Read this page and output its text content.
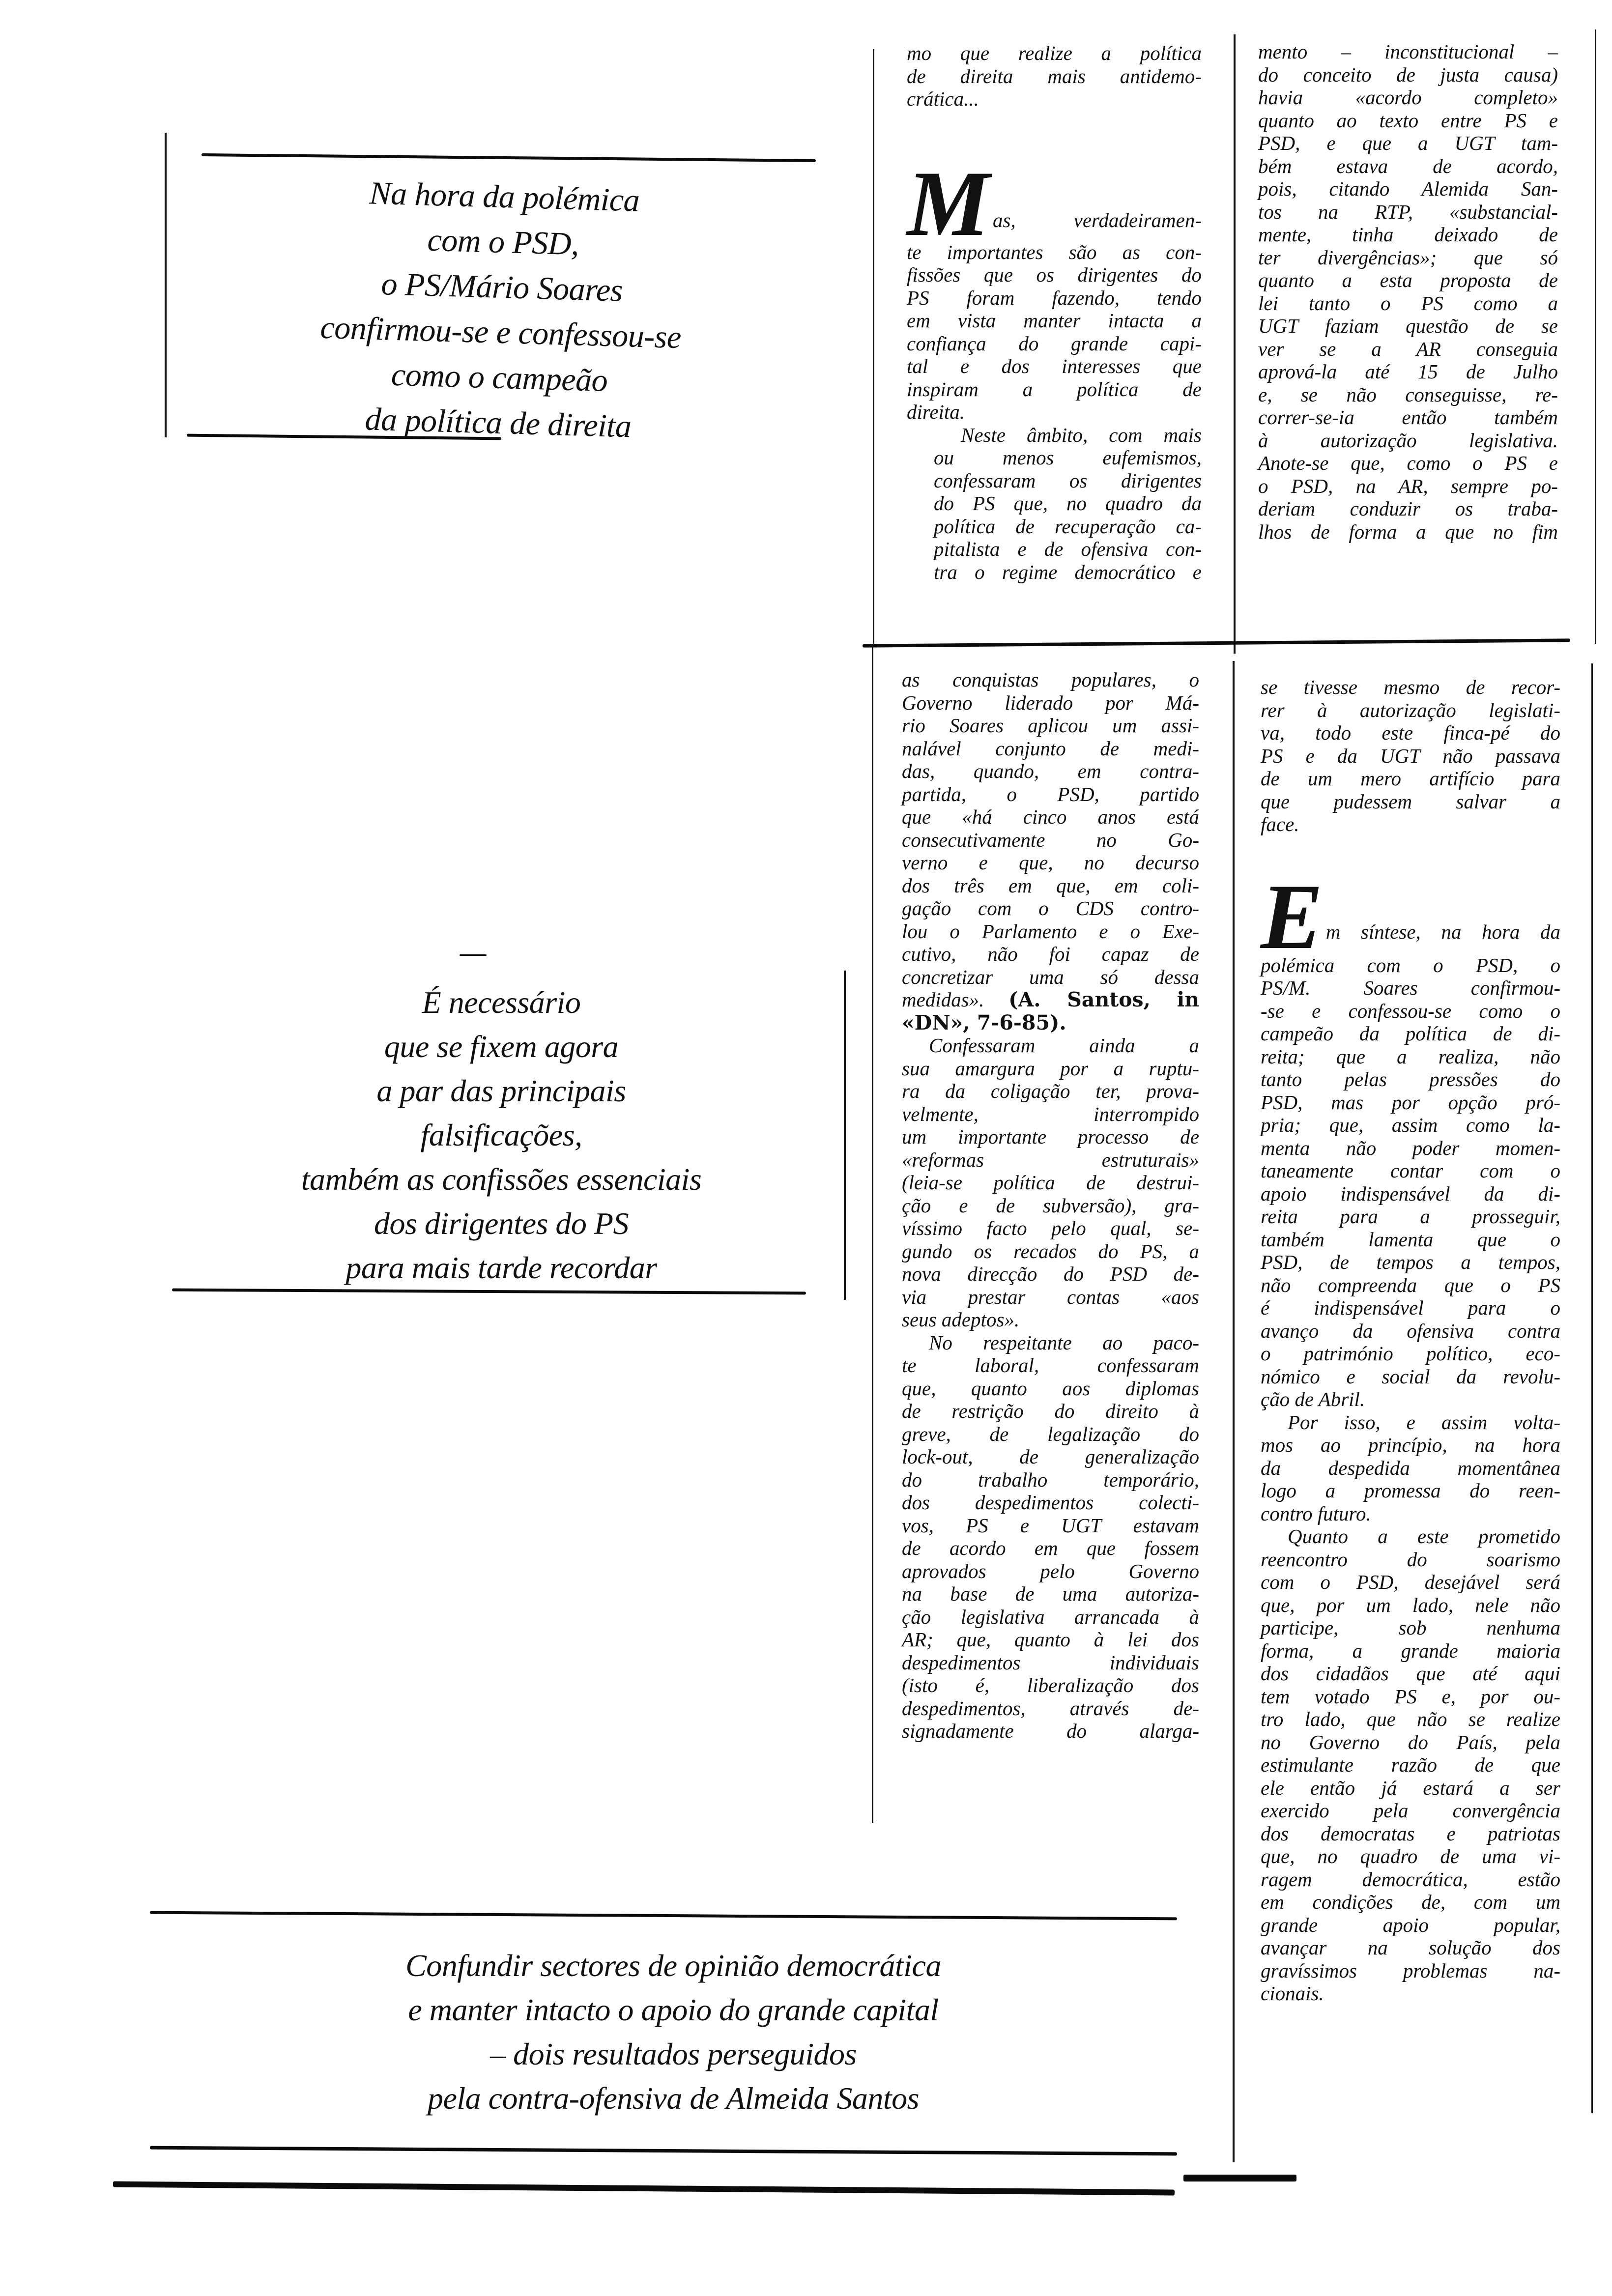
Na hora da polémica
com o PSD,
o PS/Mário Soares
confirmou-se e confessou-se
como o campeão
da política de direita
É necessário
que se fixem agora
a par das principais
falsificações,
também as confissões essenciais
dos dirigentes do PS
para mais tarde recordar
Confundir sectores de opinião democrática
e manter intacto o apoio do grande capital
– dois resultados perseguidos
pela contra-ofensiva de Almeida Santos

mo que realize a política
de direita mais antidemo-
crática...

M as, verdadeiramen-
te importantes são as con-
fissões que os dirigentes do
PS foram fazendo, tendo
em vista manter intacta a
confiança do grande capi-
tal e dos interesses que
inspiram a política de
direita.

Neste âmbito, com mais
ou menos eufemismos,
confessaram os dirigentes
do PS que, no quadro da
política de recuperação ca-
pitalista e de ofensiva con-
tra o regime democrático e

mento – inconstitucional –
do conceito de justa causa)
havia «acordo completo»
quanto ao texto entre PS e
PSD, e que a UGT tam-
bém estava de acordo,
pois, citando Alemida San-
tos na RTP, «substancial-
mente, tinha deixado de
ter divergências»; que só
quanto a esta proposta de
lei tanto o PS como a
UGT faziam questão de se
ver se a AR conseguia
aprová-la até 15 de Julho
e, se não conseguisse, re-
correr-se-ia então também
à autorização legislativa.
Anote-se que, como o PS e
o PSD, na AR, sempre po-
deriam conduzir os traba-
lhos de forma a que no fim

as conquistas populares, o
Governo liderado por Má-
rio Soares aplicou um assi-
nalável conjunto de medi-
das, quando, em contra-
partida, o PSD, partido
que «há cinco anos está
consecutivamente no Go-
verno e que, no decurso
dos três em que, em coli-
gação com o CDS contro-
lou o Parlamento e o Exe-
cutivo, não foi capaz de
concretizar uma só dessa
medidas». (A. Santos, in
«DN», 7-6-85).

Confessaram ainda a
sua amargura por a ruptu-
ra da coligação ter, prova-
velmente, interrompido
um importante processo de
«reformas estruturais»
(leia-se política de destrui-
ção e de subversão), gra-
víssimo facto pelo qual, se-
gundo os recados do PS, a
nova direcção do PSD de-
via prestar contas «aos
seus adeptos».

No respeitante ao paco-
te laboral, confessaram
que, quanto aos diplomas
de restrição do direito à
greve, de legalização do
lock-out, de generalização
do trabalho temporário,
dos despedimentos colecti-
vos, PS e UGT estavam
de acordo em que fossem
aprovados pelo Governo
na base de uma autoriza-
ção legislativa arrancada à
AR; que, quanto à lei dos
despedimentos individuais
(isto é, liberalização dos
despedimentos, através de-
signadamente do alarga-

se tivesse mesmo de recor-
rer à autorização legislati-
va, todo este finca-pé do
PS e da UGT não passava
de um mero artifício para
que pudessem salvar a
face.

E m síntese, na hora da
polémica com o PSD, o
PS/M. Soares confirmou-
-se e confessou-se como o
campeão da política de di-
reita; que a realiza, não
tanto pelas pressões do
PSD, mas por opção pró-
pria; que, assim como la-
menta não poder momen-
taneamente contar com o
apoio indispensável da di-
reita para a prosseguir,
também lamenta que o
PSD, de tempos a tempos,
não compreenda que o PS
é indispensável para o
avanço da ofensiva contra
o património político, eco-
nómico e social da revolu-
ção de Abril.

Por isso, e assim volta-
mos ao princípio, na hora
da despedida momentânea
logo a promessa do reen-
contro futuro.

Quanto a este prometido
reencontro do soarismo
com o PSD, desejável será
que, por um lado, nele não
participe, sob nenhuma
forma, a grande maioria
dos cidadãos que até aqui
tem votado PS e, por ou-
tro lado, que não se realize
no Governo do País, pela
estimulante razão de que
ele então já estará a ser
exercido pela convergência
dos democratas e patriotas
que, no quadro de uma vi-
ragem democrática, estão
em condições de, com um
grande apoio popular,
avançar na solução dos
gravíssimos problemas na-
cionais.
